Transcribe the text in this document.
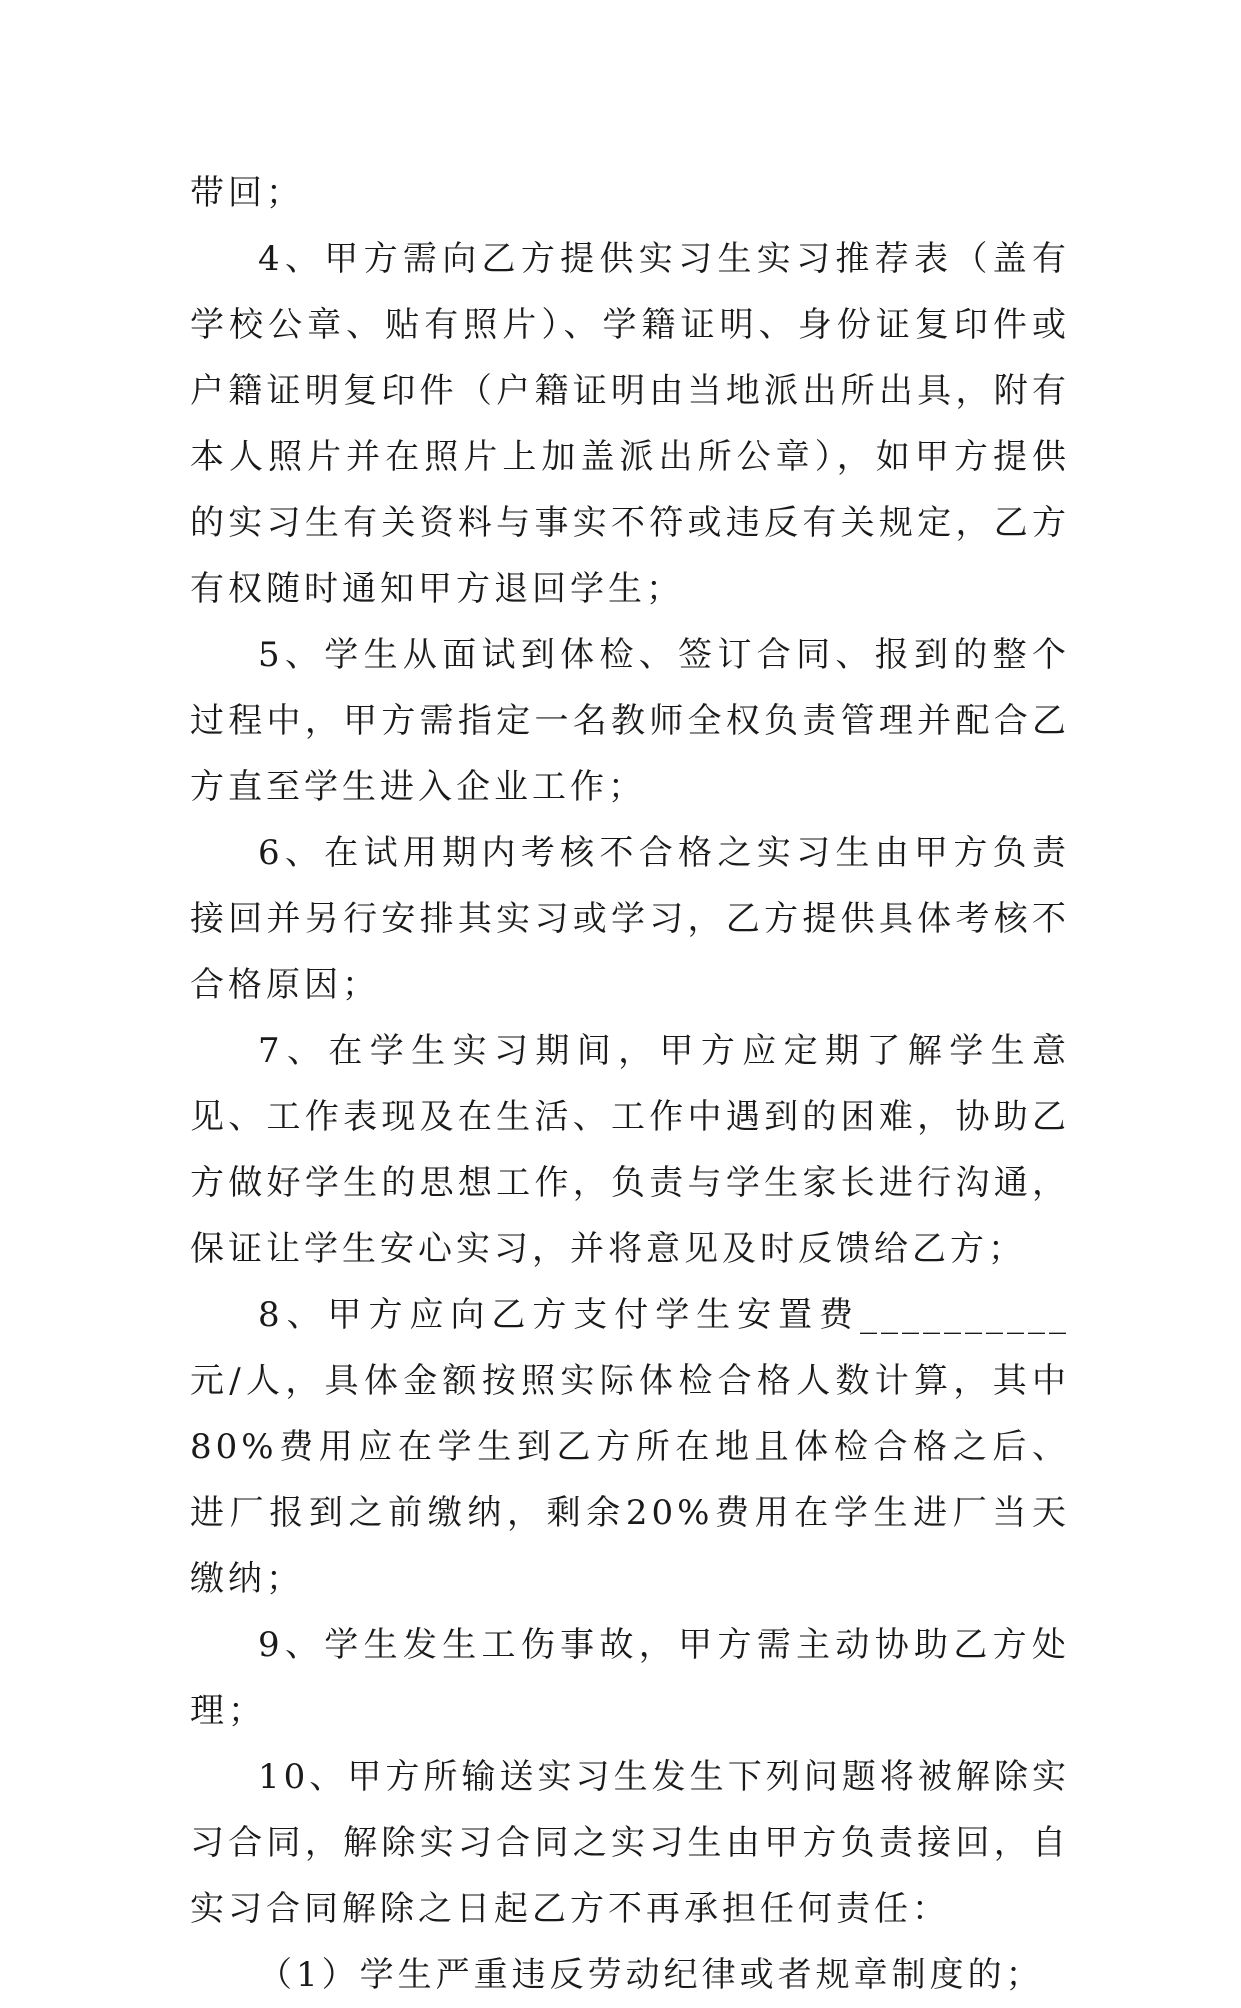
带回；

4、甲方需向乙方提供实习生实习推荐表（盖有学校公章、贴有照片）、学籍证明、身份证复印件或户籍证明复印件（户籍证明由当地派出所出具，附有本人照片并在照片上加盖派出所公章），如甲方提供的实习生有关资料与事实不符或违反有关规定，乙方有权随时通知甲方退回学生；

5、学生从面试到体检、签订合同、报到的整个过程中，甲方需指定一名教师全权负责管理并配合乙方直至学生进入企业工作；

6、在试用期内考核不合格之实习生由甲方负责接回并另行安排其实习或学习，乙方提供具体考核不合格原因；

7、在学生实习期间，甲方应定期了解学生意见、工作表现及在生活、工作中遇到的困难，协助乙方做好学生的思想工作，负责与学生家长进行沟通，保证让学生安心实习，并将意见及时反馈给乙方；

8、甲方应向乙方支付学生安置费__________元/人，具体金额按照实际体检合格人数计算，其中80%费用应在学生到乙方所在地且体检合格之后、进厂报到之前缴纳，剩余20%费用在学生进厂当天缴纳；

9、学生发生工伤事故，甲方需主动协助乙方处理；

10、甲方所输送实习生发生下列问题将被解除实习合同，解除实习合同之实习生由甲方负责接回，自实习合同解除之日起乙方不再承担任何责任：

（1）学生严重违反劳动纪律或者规章制度的；
